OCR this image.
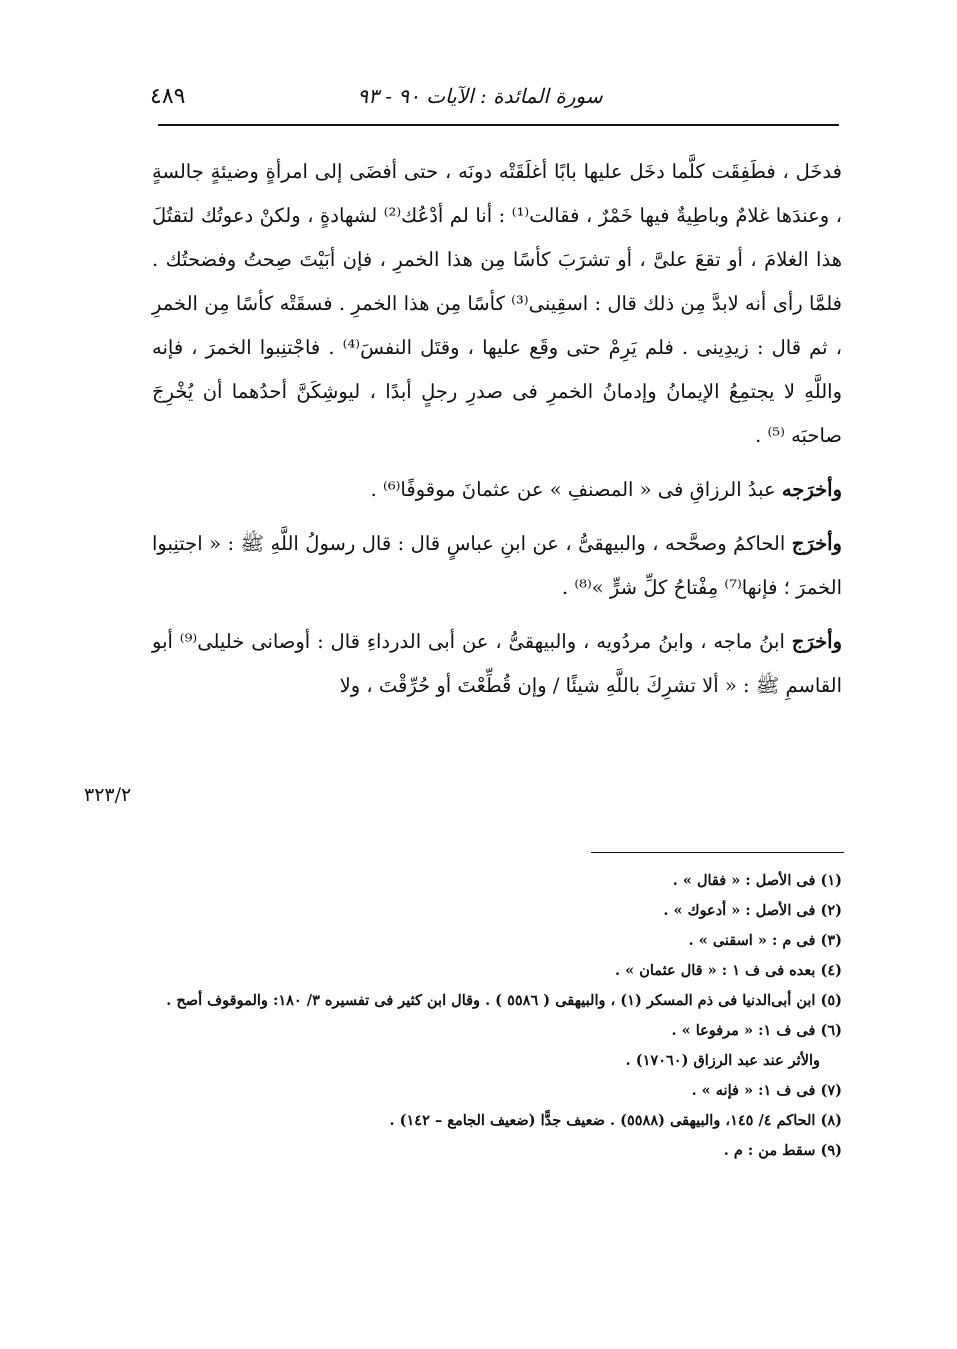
سورة المائدة : الآيات ٩٠ - ٩٣
٤٨٩

فدخَل ، فطَفِقَت كلَّما دخَل عليها بابًا أغلَقَتْه دونَه ، حتى أفضَى إلى امرأةٍ وضيئةٍ جالسةٍ ، وعندَها غلامٌ وباطِيةٌ فيها خَمْرٌ ، فقالت⁽¹⁾ : أنا لم أدْعُك⁽²⁾ لشهادةٍ ، ولكنْ دعوتُك لتقتُلَ هذا الغلامَ ، أو تقعَ علىَّ ، أو تشرَبَ كأسًا مِن هذا الخمرِ ، فإن أبَيْتَ صِحتُ وفضحتُك . فلمَّا رأى أنه لابدَّ مِن ذلك قال : اسقِينى⁽³⁾ كأسًا مِن هذا الخمرِ . فسقَتْه كأسًا مِن الخمرِ ، ثم قال : زيدِينى . فلم يَرِمْ حتى وقَع عليها ، وقتَل النفسَ⁽⁴⁾ . فاجْتنِبوا الخمرَ ، فإنه واللَّهِ لا يجتمِعُ الإيمانُ وإدمانُ الخمرِ فى صدرِ رجلٍ أبدًا ، ليوشِكَنَّ أحدُهما أن يُخْرِجَ صاحبَه ⁽⁵⁾ .

وأخرَجه عبدُ الرزاقِ فى « المصنفِ » عن عثمانَ موقوفًا⁽⁶⁾ .

وأخرَج الحاكمُ وصحَّحه ، والبيهقىُّ ، عن ابنِ عباسٍ قال : قال رسولُ اللَّهِ ﷺ : « اجتنِبوا الخمرَ ؛ فإنها⁽⁷⁾ مِفْتاحُ كلِّ شرٍّ »⁽⁸⁾ .

وأخرَج ابنُ ماجه ، وابنُ مردُويه ، والبيهقىُّ ، عن أبى الدرداءِ قال : أوصانى خليلى⁽⁹⁾ أبو القاسمِ ﷺ : « ألا تشرِكَ باللَّهِ شيئًا / وإن قُطِّعْتَ أو حُرِّقْتَ ، ولا

٣٢٣/٢

(١) فى الأصل : « فقال » .

(٢) فى الأصل : « أدعوك » .

(٣) فى م : « اسقنى » .

(٤) بعده فى ف ١ : « قال عثمان » .

(٥) ابن أبى‌الدنيا فى ذم المسكر (١) ، والبيهقى ( ٥٥٨٦ ) . وقال ابن كثير فى تفسيره ٣/ ١٨٠: والموقوف أصح .

(٦) فى ف ١: « مرفوعا » .

والأثر عند عبد الرزاق (١٧٠٦٠) .

(٧) فى ف ١: « فإنه » .

(٨) الحاكم ٤/ ١٤٥، والبيهقى (٥٥٨٨) . ضعيف جدًّا (ضعيف الجامع – ١٤٢) .

(٩) سقط من : م .
